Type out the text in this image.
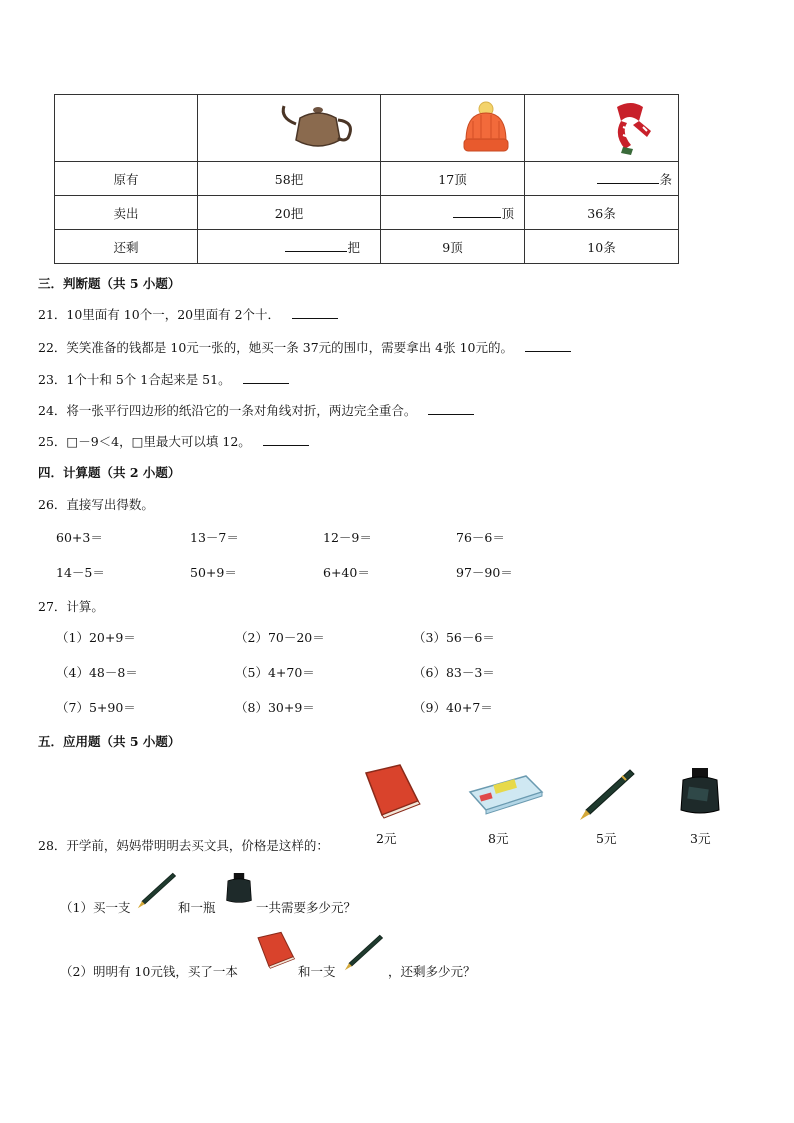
原有	58把	17顶	条
卖出	20把	顶	36条
还剩	把	9顶	10条
三．判断题（共 5 小题）
21．10里面有 10个一，20里面有 2个十．
22．笑笑准备的钱都是 10元一张的，她买一条 37元的围巾，需要拿出 4张 10元的。
23．1个十和 5个 1合起来是 51。
24．将一张平行四边形的纸沿它的一条对角线对折，两边完全重合。
25．□－9＜4，□里最大可以填 12。
四．计算题（共 2 小题）
26．直接写出得数。
60+3＝	13－7＝	12－9＝	76－6＝
14－5＝	50+9＝	6+40＝	97－90＝
27．计算。
（1）20+9＝	（2）70－20＝	（3）56－6＝
（4）48－8＝	（5）4+70＝	（6）83－3＝
（7）5+90＝	（8）30+9＝	（9）40+7＝
五．应用题（共 5 小题）
2元	8元	5元	3元
28．开学前，妈妈带明明去买文具，价格是这样的：
（1）买一支	和一瓶	一共需要多少元？
（2）明明有 10元钱，买了一本	和一支	，还剩多少元？
